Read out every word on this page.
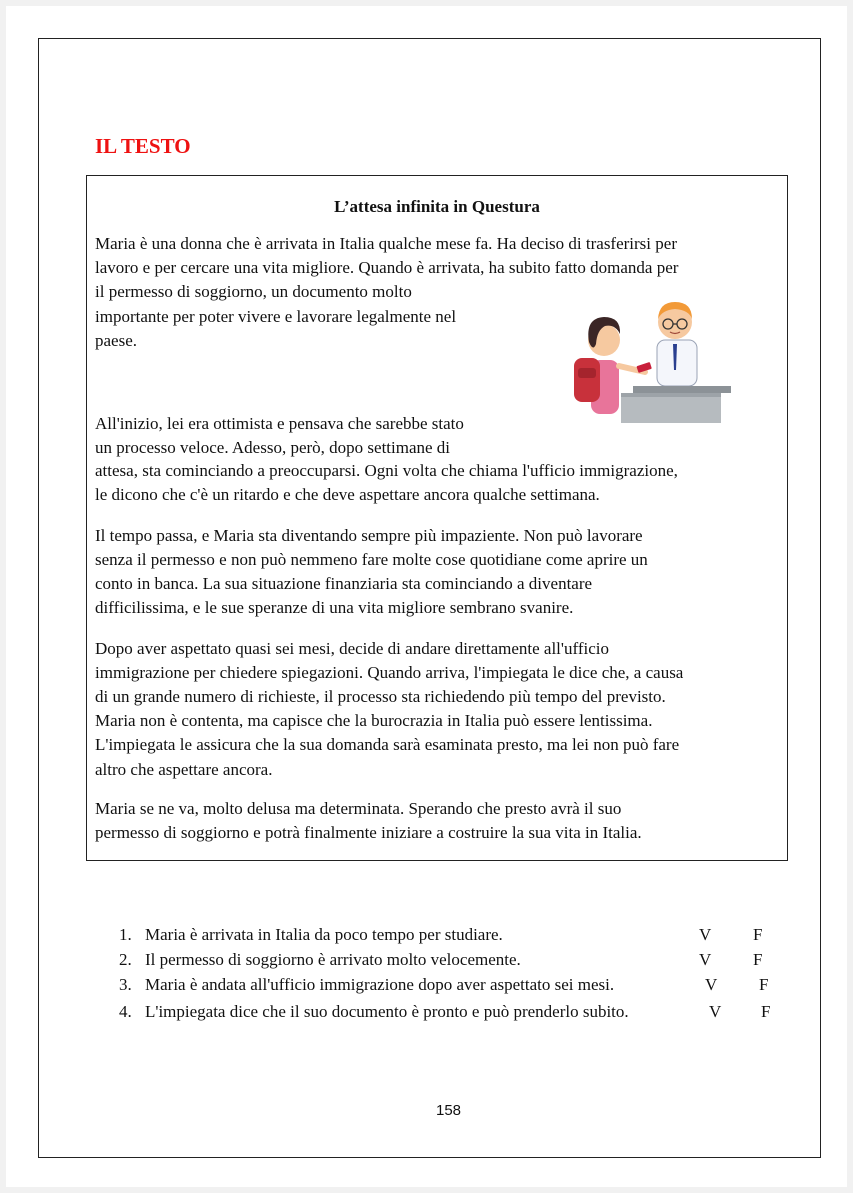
IL TESTO
L’attesa infinita in Questura
Maria è una donna che è arrivata in Italia qualche mese fa. Ha deciso di trasferirsi per
lavoro e per cercare una vita migliore. Quando è arrivata, ha subito fatto domanda per
il permesso di soggiorno, un documento molto
importante per poter vivere e lavorare legalmente nel
paese.
All'inizio, lei era ottimista e pensava che sarebbe stato
un processo veloce. Adesso, però, dopo settimane di
attesa, sta cominciando a preoccuparsi. Ogni volta che chiama l'ufficio immigrazione,
le dicono che c'è un ritardo e che deve aspettare ancora qualche settimana.
Il tempo passa, e Maria sta diventando sempre più impaziente. Non può lavorare
senza il permesso e non può nemmeno fare molte cose quotidiane come aprire un
conto in banca. La sua situazione finanziaria sta cominciando a diventare
difficilissima, e le sue speranze di una vita migliore sembrano svanire.
Dopo aver aspettato quasi sei mesi, decide di andare direttamente all'ufficio
immigrazione per chiedere spiegazioni. Quando arriva, l'impiegata le dice che, a causa
di un grande numero di richieste, il processo sta richiedendo più tempo del previsto.
Maria non è contenta, ma capisce che la burocrazia in Italia può essere lentissima.
L'impiegata le assicura che la sua domanda sarà esaminata presto, ma lei non può fare
altro che aspettare ancora.
Maria se ne va, molto delusa ma determinata. Sperando che presto avrà il suo
permesso di soggiorno e potrà finalmente iniziare a costruire la sua vita in Italia.
1. Maria è arrivata in Italia da poco tempo per studiare.	V F
2. Il permesso di soggiorno è arrivato molto velocemente.	V F
3. Maria è andata all'ufficio immigrazione dopo aver aspettato sei mesi.	V F
4. L'impiegata dice che il suo documento è pronto e può prenderlo subito.	V F
158
